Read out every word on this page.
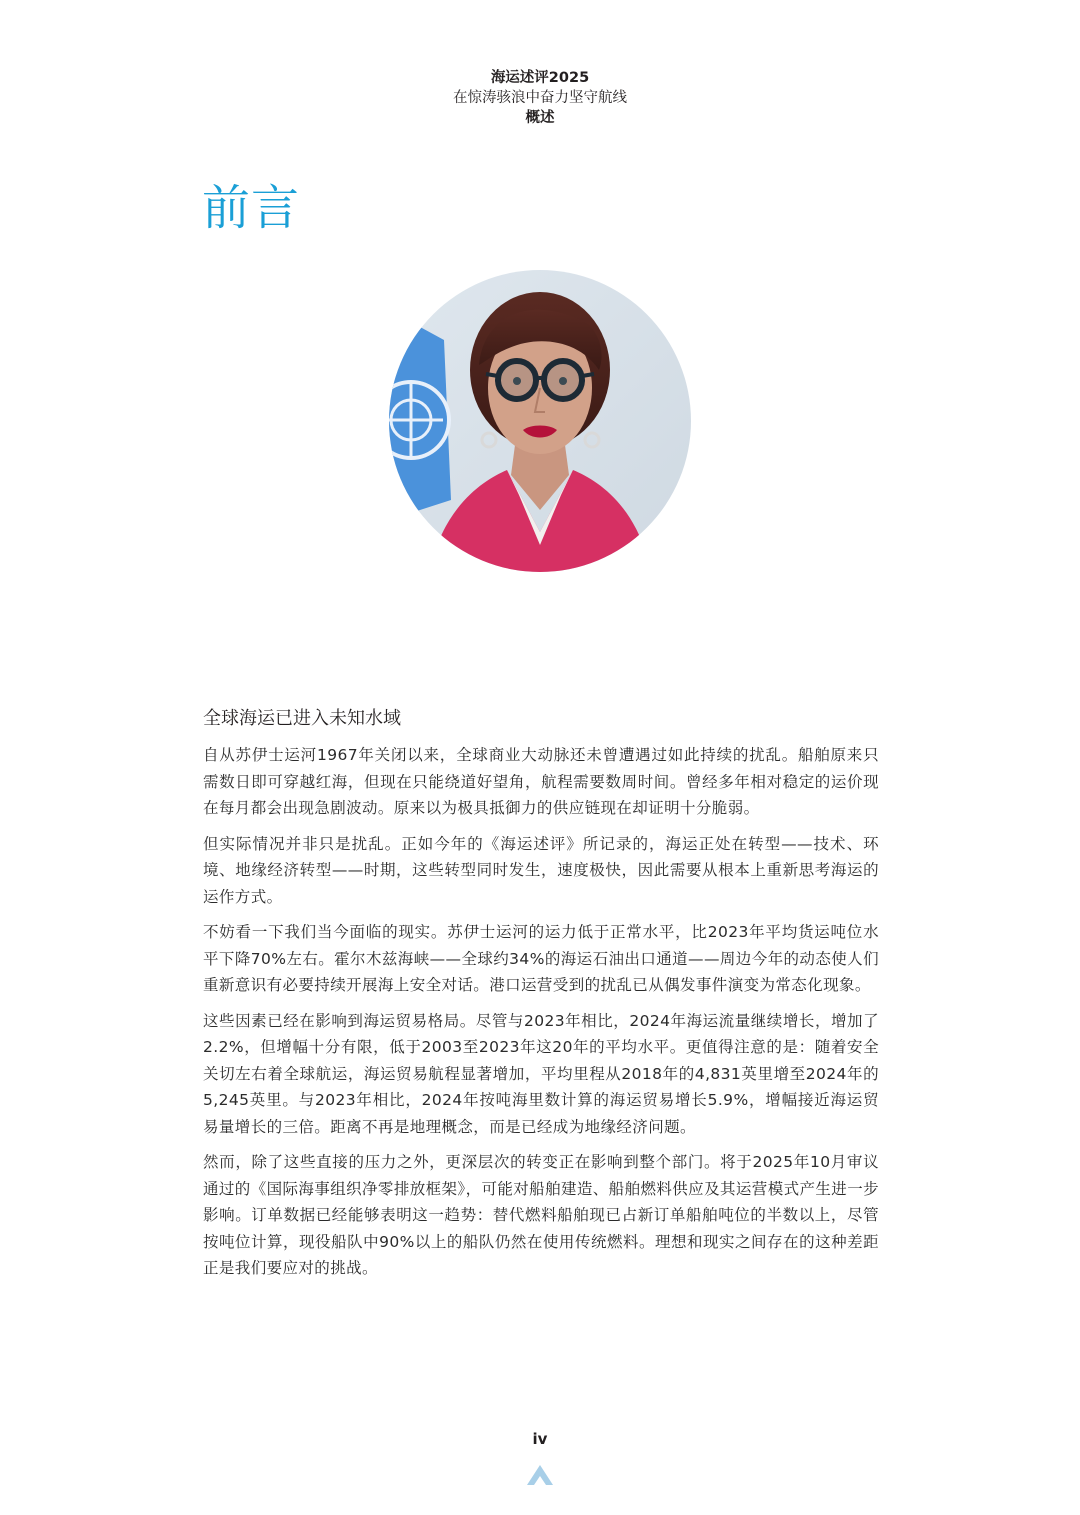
海运述评2025
在惊涛骇浪中奋力坚守航线
概述
前言
全球海运已进入未知水域

自从苏伊士运河1967年关闭以来，全球商业大动脉还未曾遭遇过如此持续的扰乱。船舶原来只需数日即可穿越红海，但现在只能绕道好望角，航程需要数周时间。曾经多年相对稳定的运价现在每月都会出现急剧波动。原来以为极具抵御力的供应链现在却证明十分脆弱。

但实际情况并非只是扰乱。正如今年的《海运述评》所记录的，海运正处在转型——技术、环境、地缘经济转型——时期，这些转型同时发生，速度极快，因此需要从根本上重新思考海运的运作方式。

不妨看一下我们当今面临的现实。苏伊士运河的运力低于正常水平，比2023年平均货运吨位水平下降70%左右。霍尔木兹海峡——全球约34%的海运石油出口通道——周边今年的动态使人们重新意识有必要持续开展海上安全对话。港口运营受到的扰乱已从偶发事件演变为常态化现象。

这些因素已经在影响到海运贸易格局。尽管与2023年相比，2024年海运流量继续增长，增加了2.2%，但增幅十分有限，低于2003至2023年这20年的平均水平。更值得注意的是：随着安全关切左右着全球航运，海运贸易航程显著增加，平均里程从2018年的4,831英里增至2024年的5,245英里。与2023年相比，2024年按吨海里数计算的海运贸易增长5.9%，增幅接近海运贸易量增长的三倍。距离不再是地理概念，而是已经成为地缘经济问题。

然而，除了这些直接的压力之外，更深层次的转变正在影响到整个部门。将于2025年10月审议通过的《国际海事组织净零排放框架》，可能对船舶建造、船舶燃料供应及其运营模式产生进一步影响。订单数据已经能够表明这一趋势：替代燃料船舶现已占新订单船舶吨位的半数以上，尽管按吨位计算，现役船队中90%以上的船队仍然在使用传统燃料。理想和现实之间存在的这种差距正是我们要应对的挑战。

iv
